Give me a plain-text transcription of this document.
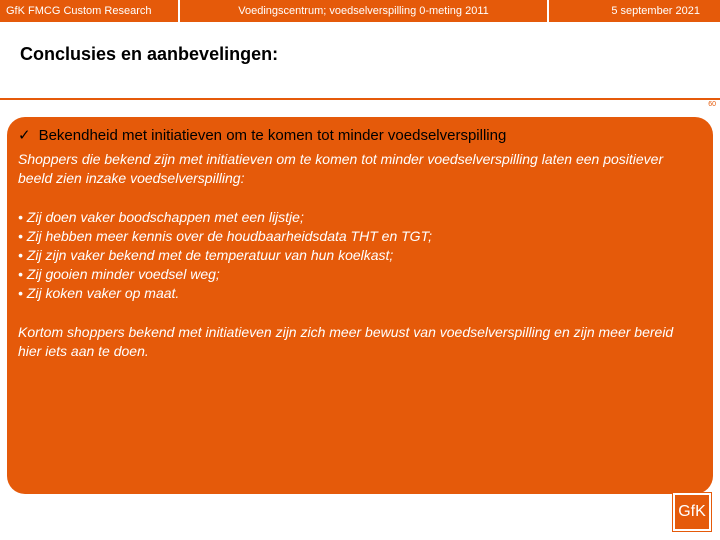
GfK FMCG Custom Research	Voedingscentrum; voedselverspilling 0-meting 2011	5 september 2021
Conclusies en aanbevelingen:
60
✓ Bekendheid met initiatieven om te komen tot minder voedselverspilling
Shoppers die bekend zijn met initiatieven om te komen tot minder voedselverspilling laten een positiever beeld zien inzake voedselverspilling:
• Zij doen vaker boodschappen met een lijstje;
• Zij hebben meer kennis over de houdbaarheidsdata THT en TGT;
• Zij zijn vaker bekend met de temperatuur van hun koelkast;
• Zij gooien minder voedsel weg;
• Zij koken vaker op maat.
Kortom shoppers bekend met initiatieven zijn zich meer bewust van voedselverspilling en zijn meer bereid hier iets aan te doen.
GfK
